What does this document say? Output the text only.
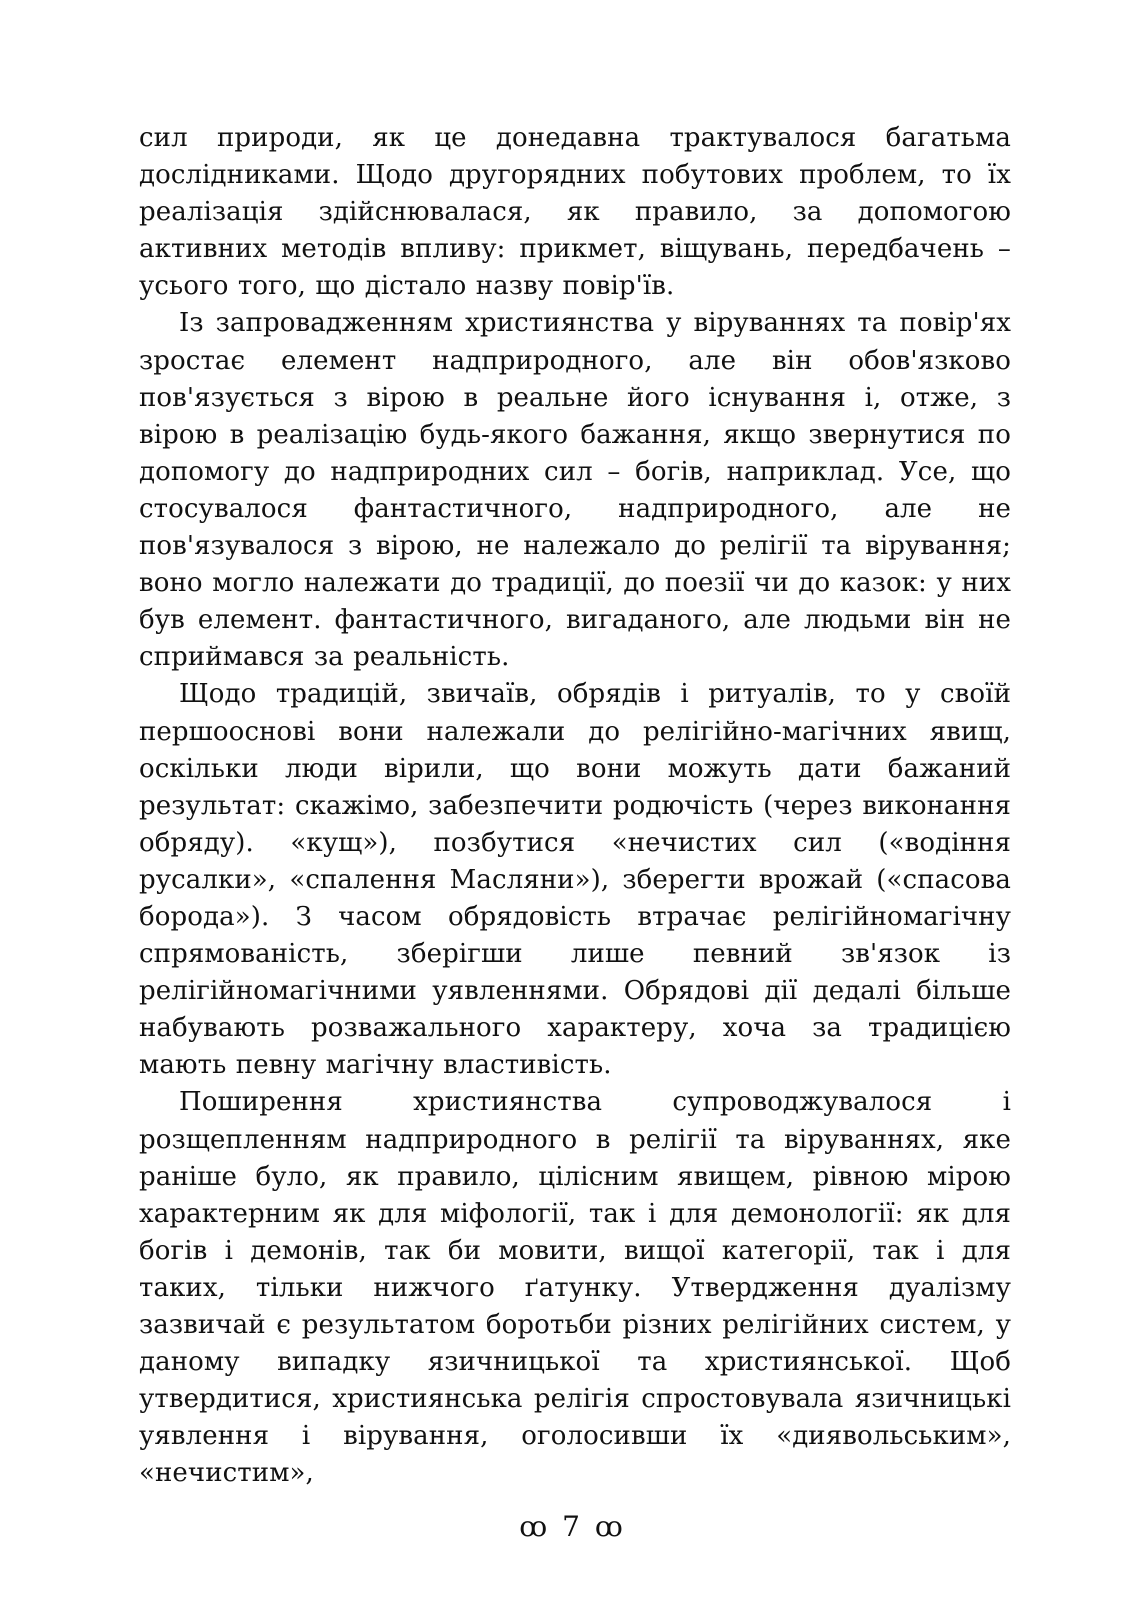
сил природи, як це донедавна трактувалося багатьма дослідниками. Щодо другорядних побутових проблем, то їх реалізація здійснювалася, як правило, за допомогою активних методів впливу: прикмет, віщувань, передбачень – усього того, що дістало назву повір'їв.

Із запровадженням християнства у віруваннях та повір'ях зростає елемент надприродного, але він обов'язково пов'язується з вірою в реальне його існування і, отже, з вірою в реалізацію будь-якого бажання, якщо звернутися по допомогу до надприродних сил – богів, наприклад. Усе, що стосувалося фантастичного, надприродного, але не пов'язувалося з вірою, не належало до релігії та вірування; воно могло належати до традиції, до поезії чи до казок: у них був елемент. фантастичного, вигаданого, але людьми він не сприймався за реальність.

Щодо традицій, звичаїв, обрядів і ритуалів, то у своїй першооснові вони належали до релігійно-магічних явищ, оскільки люди вірили, що вони можуть дати бажаний результат: скажімо, забезпечити родючість (через виконання обряду). «кущ»), позбутися «нечистих сил («водіння русалки», «спалення Масляни»), зберегти врожай («спасова борода»). З часом обрядовість втрачає релігійномагічну спрямованість, зберігши лише певний зв'язок із релігійномагічними уявленнями. Обрядові дії дедалі більше набувають розважального характеру, хоча за традицією мають певну магічну властивість.

Поширення християнства супроводжувалося і розщепленням надприродного в релігії та віруваннях, яке раніше було, як правило, цілісним явищем, рівною мірою характерним як для міфології, так і для демонології: як для богів і демонів, так би мовити, вищої категорії, так і для таких, тільки нижчого ґатунку. Утвердження дуалізму зазвичай є результатом боротьби різних релігійних систем, у даному випадку язичницької та християнської. Щоб утвердитися, християнська релігія спростовувала язичницькі уявлення і вірування, оголосивши їх «диявольським», «нечистим»,

ꝏ 7 ꝏ
